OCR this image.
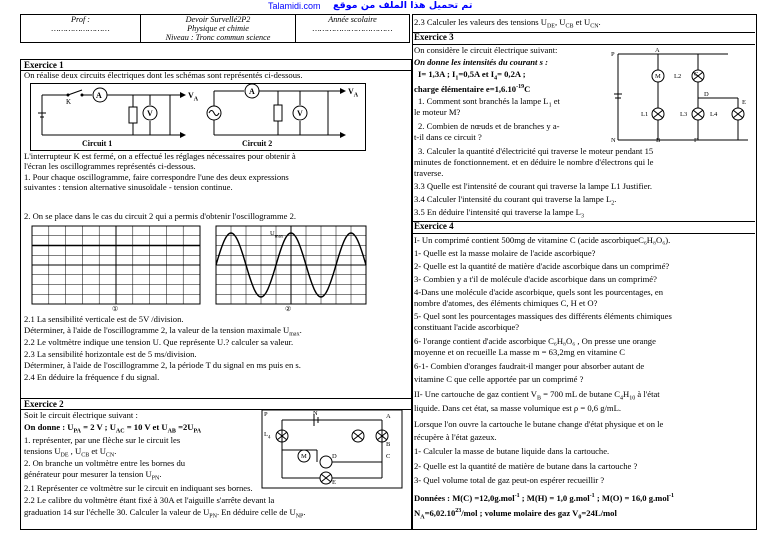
Talamidi.com تم تحميل هذا الملف من موقع
Prof :
……………………

Devoir Survellé2P2
Physique et chimie
Niveau : Tronc commun science

Année scolaire
……………………………
Exercice 1
On réalise deux circuits électriques dont les schémas sont représentés ci-dessous.
A
V
K
$V_A$
Circuit 1
A
V
$V_A$
Circuit 2
L'interrupteur K est fermé, on a effectué les réglages nécessaires pour obtenir à
l'écran les oscillogrammes représentés ci-dessous.
1. Pour chaque oscillogramme, faire correspondre l'une des deux expressions
suivantes : tension alternative sinusoïdale - tension continue.
2. On se place dans le cas du circuit 2 qui a permis d'obtenir l'oscillogramme 2.
①
$U_{max}$
②
2.1 La sensibilité verticale est de 5V /division.
Déterminer, à l'aide de l'oscillogramme 2, la valeur de la tension maximale $U_{max}$.
2.2 Le voltmètre indique une tension U. Que représente U.? calculer sa valeur.
2.3 La sensibilité horizontale est de 5 ms/division.
Déterminer, à l'aide de l'oscillogramme 2, la période T du signal en ms puis en s.
2.4 En déduire la fréquence f du signal.
Exercice 2
Soit le circuit électrique suivant :
On donne : $U_{PA} = 2$ V ; $U_{AC} = 10$ V et $U_{AB} =2U_{PA}$
1. représenter, par une flèche sur le circuit les
tensions $U_{DE}$ , $U_{CB}$ et $U_{CN}$.
2. On branche un voltmètre entre les bornes du
générateur pour mesurer la tension $U_{PN}$.
2.1 Représenter ce voltmètre sur le circuit en indiquant ses bornes.
2.2 Le calibre du voltmètre étant fixé à 30A et l'aiguille s'arrête devant la
graduation 14 sur l'échelle 30. Calculer la valeur de $U_{PN}$. En déduire celle de $U_{NP}$.
P	N	A
$L_4$
M	D	C
B
E
2.3 Calculer les valeurs des tensions $U_{DE}$, $U_{CB}$ et $U_{CN}$.
Exercice 3
On considère le circuit électrique suivant:
On donne les intensités du courant s :
I= 1,3A ; $I_1=0,5A$ et $I_4= 0,2A$ ;
charge élémentaire $e=1,6.10^{-19}C$
1. Comment sont branchés la lampe $L_1$ et
le moteur M?
2. Combien de nœuds et de branches y a-
t-il dans ce circuit ?
P
A
M L2
D
C
L1	L3	L4
E
N	B	F
3. Calculer la quantité d'électricité qui traverse le moteur pendant 15
minutes de fonctionnement. et en déduire le nombre d'électrons qui le
traverse.
3.3 Quelle est l'intensité de courant qui traverse la lampe L1 Justifier.
3.4 Calculer l'intensité du courant qui traverse la lampe $L_2$.
3.5 En déduire l'intensité qui traverse la lampe $L_3$
Exercice 4
I- Un comprimé contient 500mg de vitamine C (acide ascorbiqueC₆H₈O₆).
1- Quelle est la masse molaire de l'acide ascorbique?
2- Quelle est la quantité de matière d'acide ascorbique dans un comprimé?
3- Combien y a t'il de molécule d'acide ascorbique dans un comprimé?
4-Dans une molécule d'acide ascorbique, quels sont les pourcentages, en
nombre d'atomes, des éléments chimiques C, H et O?
5- Quel sont les pourcentages massiques des différents éléments chimiques
constituant l'acide ascorbique?
6- l'orange contient d'acide ascorbique C₆H₈O₆ , On presse une orange
moyenne et on recueille La masse m = 63,2mg en vitamine C
6-1- Combien d'oranges faudrait-il manger pour absorber autant de
vitamine C que celle apportée par un comprimé ?
II- Une cartouche de gaz contient $V_B = 700$ mL de butane $C_4H_{10}$ à l'état
liquide. Dans cet état, sa masse volumique est ρ = 0,6 g/mL.
Lorsque l'on ouvre la cartouche le butane change d'état physique et on le
récupère à l'état gazeux.
1- Calculer la masse de butane liquide dans la cartouche.
2- Quelle est la quantité de matière de butane dans la cartouche ?
3- Quel volume total de gaz peut-on espérer recueillir ?
Données : M(C) =12,0g.mol$^{-1}$ ; M(H) = 1,0 g.mol$^{-1}$ ; M(O) = 16,0 g.mol$^{-1}$
$N_A=6,02.10^{23}$/mol ; volume molaire des gaz $V_0=24L$/mol
